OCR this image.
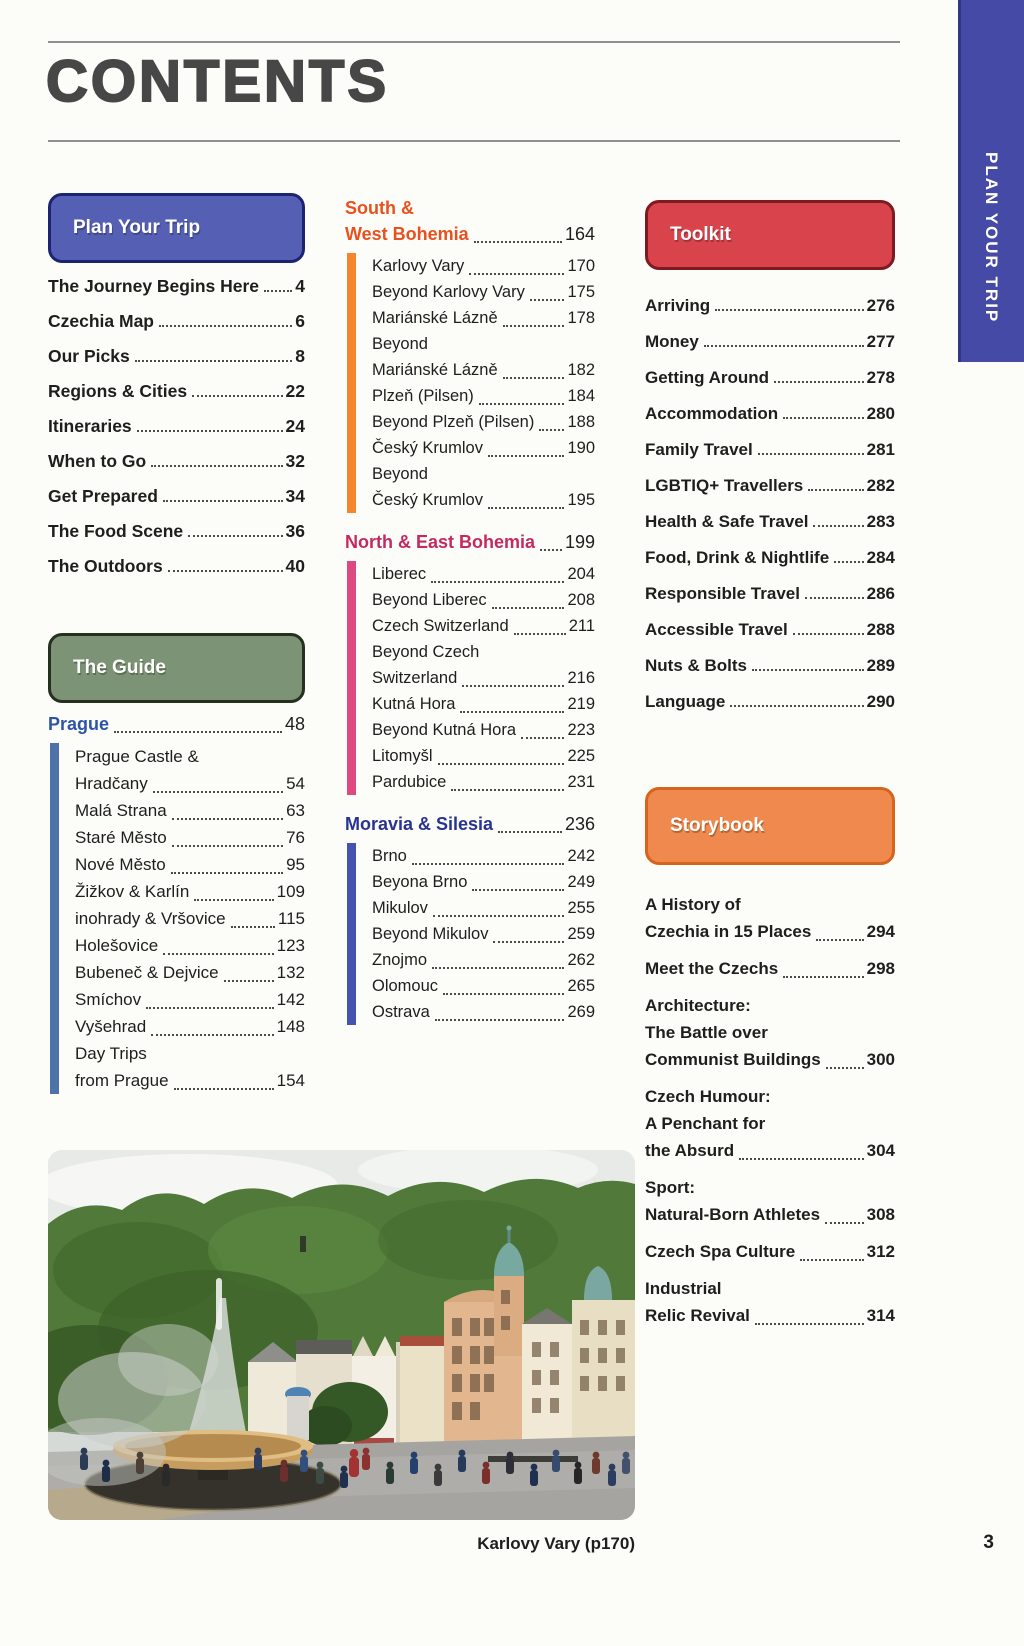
CONTENTS
PLAN YOUR TRIP
Plan Your Trip
The Journey Begins Here 4
Czechia Map	6
Our Picks	8
Regions & Cities	22
Itineraries	24
When to Go	32
Get Prepared	34
The Food Scene	36
The Outdoors	40
The Guide
Prague	48
Prague Castle &
Hradčany	54
Malá Strana	63
Staré Město	76
Nové Město	95
Žižkov & Karlín	109
inohrady & Vršovice	115
Holešovice	123
Bubeneč & Dejvice	132
Smíchov	142
Vyšehrad	148
Day Trips
from Prague	154
South &
West Bohemia	164
Karlovy Vary	170
Beyond Karlovy Vary	175
Mariánské Lázně	178
Beyond
Mariánské Lázně	182
Plzeň (Pilsen)	184
Beyond Plzeň (Pilsen) 188
Český Krumlov	190
Beyond
Český Krumlov	195
North & East Bohemia 199
Liberec	204
Beyond Liberec	208
Czech Switzerland	211
Beyond Czech
Switzerland	216
Kutná Hora	219
Beyond Kutná Hora	223
Litomyšl	225
Pardubice	231
Moravia & Silesia	236
Brno	242
Beyona Brno	249
Mikulov	255
Beyond Mikulov	259
Znojmo	262
Olomouc	265
Ostrava	269
Toolkit
Arriving	276
Money	277
Getting Around	278
Accommodation	280
Family Travel	281
LGBTIQ+ Travellers	282
Health & Safe Travel	283
Food, Drink & Nightlife 284
Responsible Travel	286
Accessible Travel	288
Nuts & Bolts	289
Language	290
Storybook
A History of
Czechia in 15 Places	294
Meet the Czechs	298
Architecture:
The Battle over
Communist Buildings	300
Czech Humour:
A Penchant for
the Absurd	304
Sport:
Natural-Born Athletes	308
Czech Spa Culture	312
Industrial
Relic Revival	314
Karlovy Vary (p170)	3
